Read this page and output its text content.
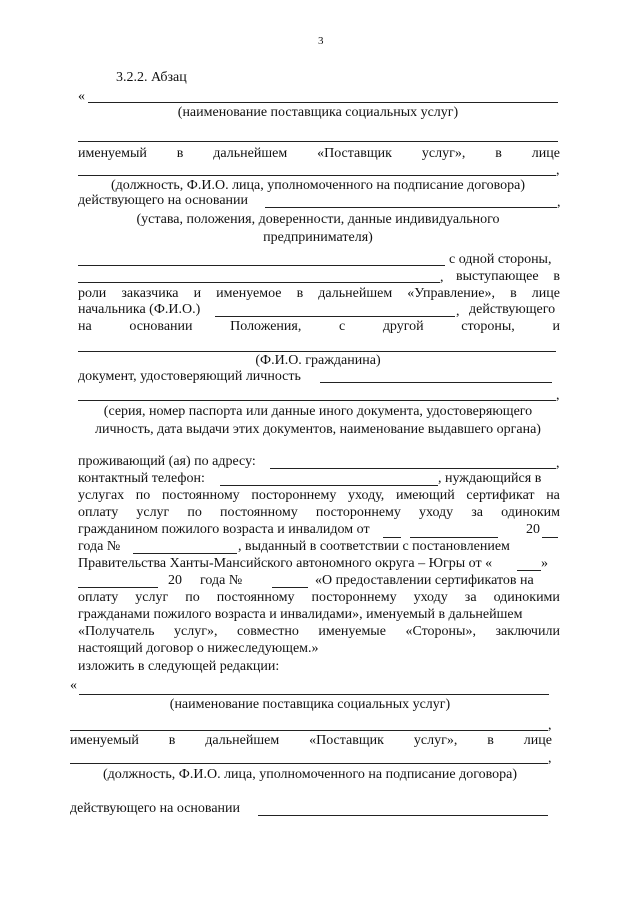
3
3.2.2. Абзац
«
(наименование поставщика социальных услуг)
именуемый в дальнейшем «Поставщик услуг», в лице
,
(должность, Ф.И.О. лица, уполномоченного на подписание договора)
действующего на основании	,
(устава, положения, доверенности, данные индивидуального
предпринимателя)
с одной стороны,
, выступающее в
роли заказчика и именуемое в дальнейшем «Управление», в лице
начальника (Ф.И.О.)	, действующего
на	основании	Положения,	с	другой	стороны,	и
(Ф.И.О. гражданина)
документ, удостоверяющий личность
,
(серия, номер паспорта или данные иного документа, удостоверяющего
личность, дата выдачи этих документов, наименование выдавшего органа)
проживающий (ая) по адресу:	,
контактный телефон:	, нуждающийся в
услугах по постоянному постороннему уходу, имеющий сертификат на
оплату услуг по постоянному постороннему уходу за одиноким
гражданином пожилого возраста и инвалидом от	20
года №	, выданный в соответствии с постановлением
Правительства Ханты-Мансийского автономного округа – Югры от «	»
20 года №	«О предоставлении сертификатов на
оплату услуг по постоянному постороннему уходу за одинокими
гражданами пожилого возраста и инвалидами», именуемый в дальнейшем
«Получатель услуг», совместно именуемые «Стороны», заключили
настоящий договор о нижеследующем.»
изложить в следующей редакции:
«
(наименование поставщика социальных услуг)
,
именуемый в дальнейшем «Поставщик услуг», в лице
,
(должность, Ф.И.О. лица, уполномоченного на подписание договора)
действующего на основании
